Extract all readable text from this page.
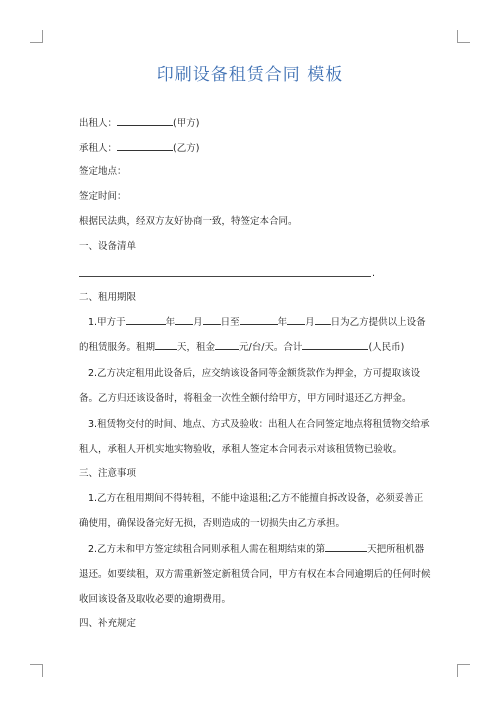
印刷设备租赁合同 模板
出租人：	(甲方)
承租人：	(乙方)
签定地点：
签定时间：
根据民法典，经双方友好协商一致，特签定本合同。
一、设备清单
.
二、租用期限
1.甲方于	年 月 日至	年 月 日为乙方提供以上设备的租赁服务。租期 天，租金	元/台/天。合计	(人民币)
2.乙方决定租用此设备后，应交纳该设备同等金额货款作为押金，方可提取该设备。乙方归还该设备时，将租金一次性全额付给甲方，甲方同时退还乙方押金。
3.租赁物交付的时间、地点、方式及验收：出租人在合同签定地点将租赁物交给承租人，承租人开机实地实物验收，承租人签定本合同表示对该租赁物已验收。
三、注意事项
1.乙方在租用期间不得转租，不能中途退租;乙方不能擅自拆改设备，必须妥善正确使用，确保设备完好无损，否则造成的一切损失由乙方承担。
2.乙方未和甲方签定续租合同则承租人需在租期结束的第	天把所租机器退还。如要续租，双方需重新签定新租赁合同，甲方有权在本合同逾期后的任何时候收回该设备及取收必要的逾期费用。
四、补充规定
